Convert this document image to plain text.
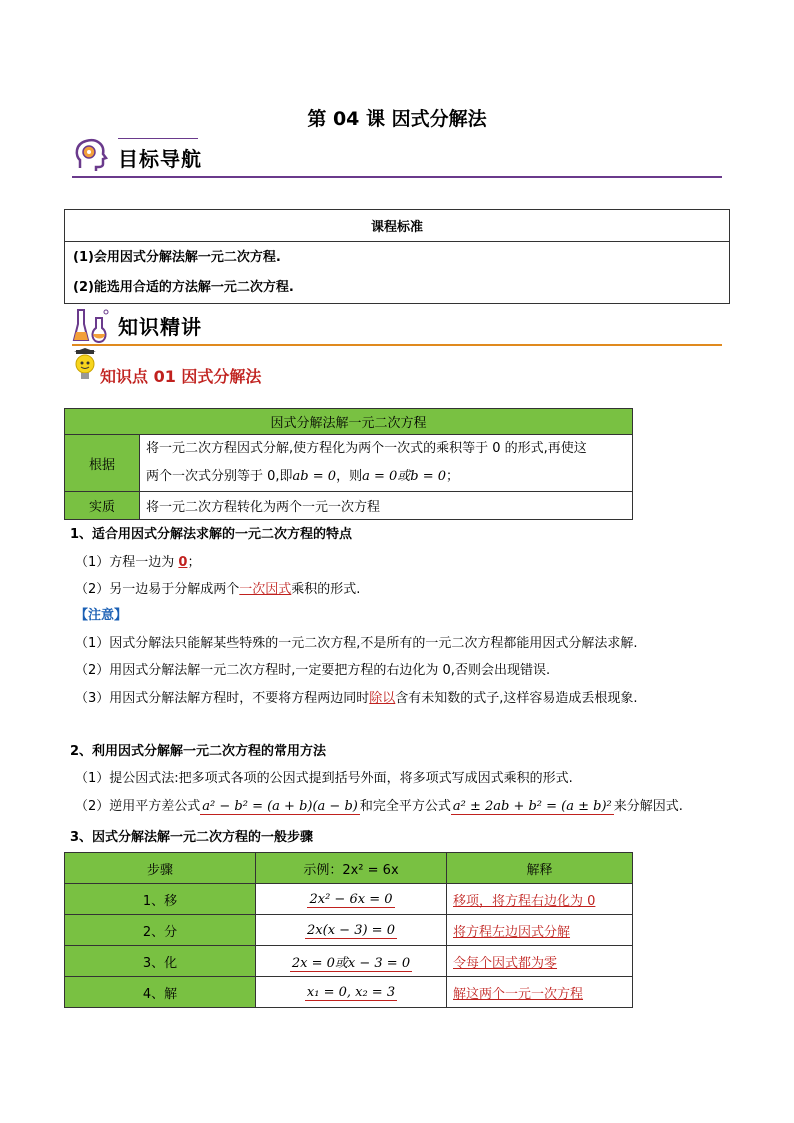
第 04 课 因式分解法
目标导航
课程标准

(1)会用因式分解法解一元二次方程.
(2)能选用合适的方法解一元二次方程.
知识精讲
知识点 01 因式分解法
因式分解法解一元二次方程	
根据	将一元二次方程因式分解,使方程化为两个一次式的乘积等于 0 的形式,再使这
两个一次式分别等于 0,即ab = 0，则a = 0或b = 0；

实质	将一元二次方程转化为两个一元一次方程
1、适合用因式分解法求解的一元二次方程的特点
（1）方程一边为 0；
（2）另一边易于分解成两个一次因式乘积的形式.
【注意】
（1）因式分解法只能解某些特殊的一元二次方程,不是所有的一元二次方程都能用因式分解法求解.
（2）用因式分解法解一元二次方程时,一定要把方程的右边化为 0,否则会出现错误.
（3）用因式分解法解方程时，不要将方程两边同时除以含有未知数的式子,这样容易造成丢根现象.
2、利用因式分解解一元二次方程的常用方法
（1）提公因式法:把多项式各项的公因式提到括号外面，将多项式写成因式乘积的形式.
（2）逆用平方差公式 a² − b² = (a + b)(a − b) 和完全平方公式 a² ± 2ab + b² = (a ± b)² 来分解因式.
3、因式分解法解一元二次方程的一般步骤
步骤	示例：2x² = 6x	解释
1、移	2x² − 6x = 0	移项，将方程右边化为 0
2、分	2x(x − 3) = 0	将方程左边因式分解
3、化	2x = 0或x − 3 = 0	令每个因式都为零
4、解	x₁ = 0, x₂ = 3	解这两个一元一次方程
